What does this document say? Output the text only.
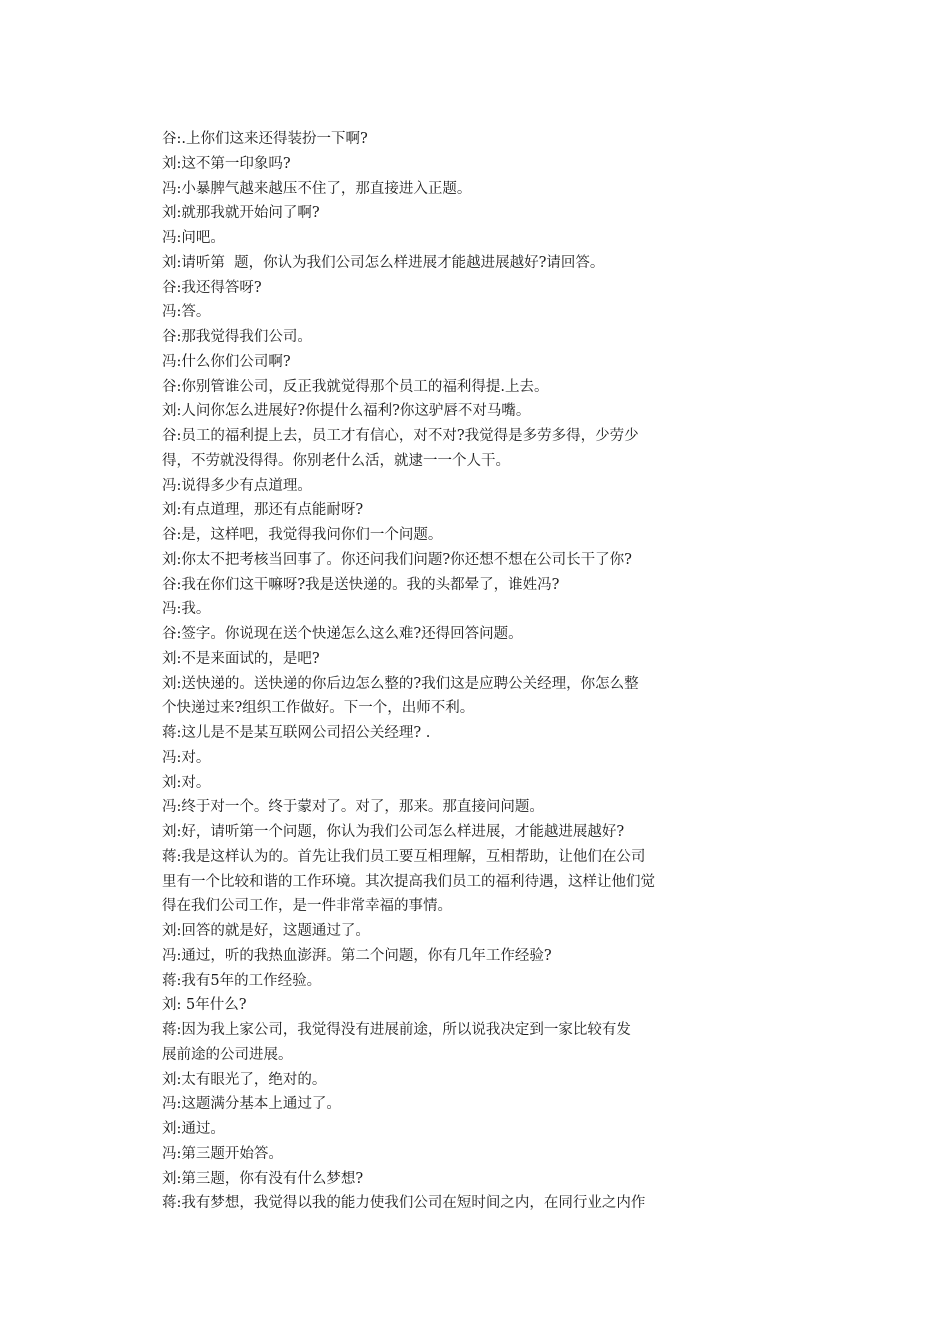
谷:.上你们这来还得装扮一下啊?

刘:这不第一印象吗?

冯:小暴脾气越来越压不住了，那直接进入正题。

刘:就那我就开始问了啊?

冯:问吧。

刘:请听第  题，你认为我们公司怎么样进展才能越进展越好?请回答。

谷:我还得答呀?

冯:答。

谷:那我觉得我们公司。

冯:什么你们公司啊?

谷:你别管谁公司，反正我就觉得那个员工的福利得提.上去。

刘:人问你怎么进展好?你提什么福利?你这驴唇不对马嘴。

谷:员工的福利提上去，员工才有信心，对不对?我觉得是多劳多得，少劳少

得，不劳就没得得。你别老什么活，就逮一一个人干。

冯:说得多少有点道理。

刘:有点道理，那还有点能耐呀?

谷:是，这样吧，我觉得我问你们一个问题。

刘:你太不把考核当回事了。你还问我们问题?你还想不想在公司长干了你?

谷:我在你们这干嘛呀?我是送快递的。我的头都晕了，谁姓冯?

冯:我。

谷:签字。你说现在送个快递怎么这么难?还得回答问题。

刘:不是来面试的，是吧?

刘:送快递的。送快递的你后边怎么整的?我们这是应聘公关经理，你怎么整

个快递过来?组织工作做好。下一个，出师不利。

蒋:这儿是不是某互联网公司招公关经理? .

冯:对。

刘:对。

冯:终于对一个。终于蒙对了。对了，那来。那直接问问题。

刘:好，请听第一个问题，你认为我们公司怎么样进展，才能越进展越好?

蒋:我是这样认为的。首先让我们员工要互相理解，互相帮助，让他们在公司

里有一个比较和谐的工作环境。其次提高我们员工的福利待遇，这样让他们觉

得在我们公司工作，是一件非常幸福的事情。

刘:回答的就是好，这题通过了。

冯:通过，听的我热血澎湃。第二个问题，你有几年工作经验?

蒋:我有5年的工作经验。

刘: 5年什么?

蒋:因为我上家公司，我觉得没有进展前途，所以说我决定到一家比较有发

展前途的公司进展。

刘:太有眼光了，绝对的。

冯:这题满分基本上通过了。

刘:通过。

冯:第三题开始答。

刘:第三题，你有没有什么梦想?

蒋:我有梦想，我觉得以我的能力使我们公司在短时间之内，在同行业之内作
